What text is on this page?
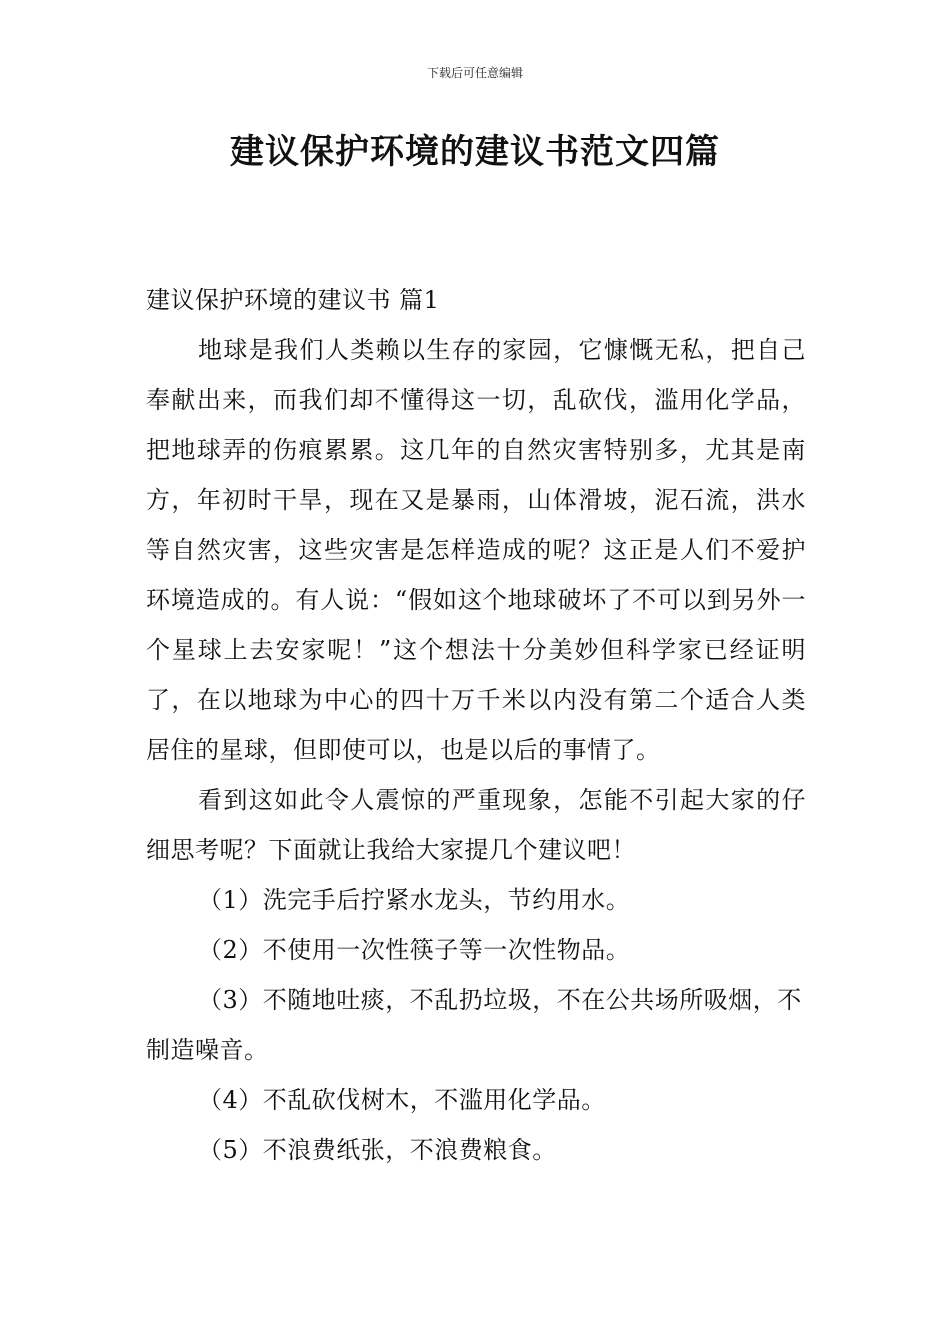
下载后可任意编辑
建议保护环境的建议书范文四篇

建议保护环境的建议书 篇1

地球是我们人类赖以生存的家园，它慷慨无私，把自己奉献出来，而我们却不懂得这一切，乱砍伐，滥用化学品，把地球弄的伤痕累累。这几年的自然灾害特别多，尤其是南方，年初时干旱，现在又是暴雨，山体滑坡，泥石流，洪水等自然灾害，这些灾害是怎样造成的呢？这正是人们不爱护环境造成的。有人说：“假如这个地球破坏了不可以到另外一个星球上去安家呢！”这个想法十分美妙但科学家已经证明了，在以地球为中心的四十万千米以内没有第二个适合人类居住的星球，但即使可以，也是以后的事情了。

看到这如此令人震惊的严重现象，怎能不引起大家的仔细思考呢？下面就让我给大家提几个建议吧！

（1）洗完手后拧紧水龙头，节约用水。

（2）不使用一次性筷子等一次性物品。

（3）不随地吐痰，不乱扔垃圾，不在公共场所吸烟，不制造噪音。

（4）不乱砍伐树木，不滥用化学品。

（5）不浪费纸张，不浪费粮食。
